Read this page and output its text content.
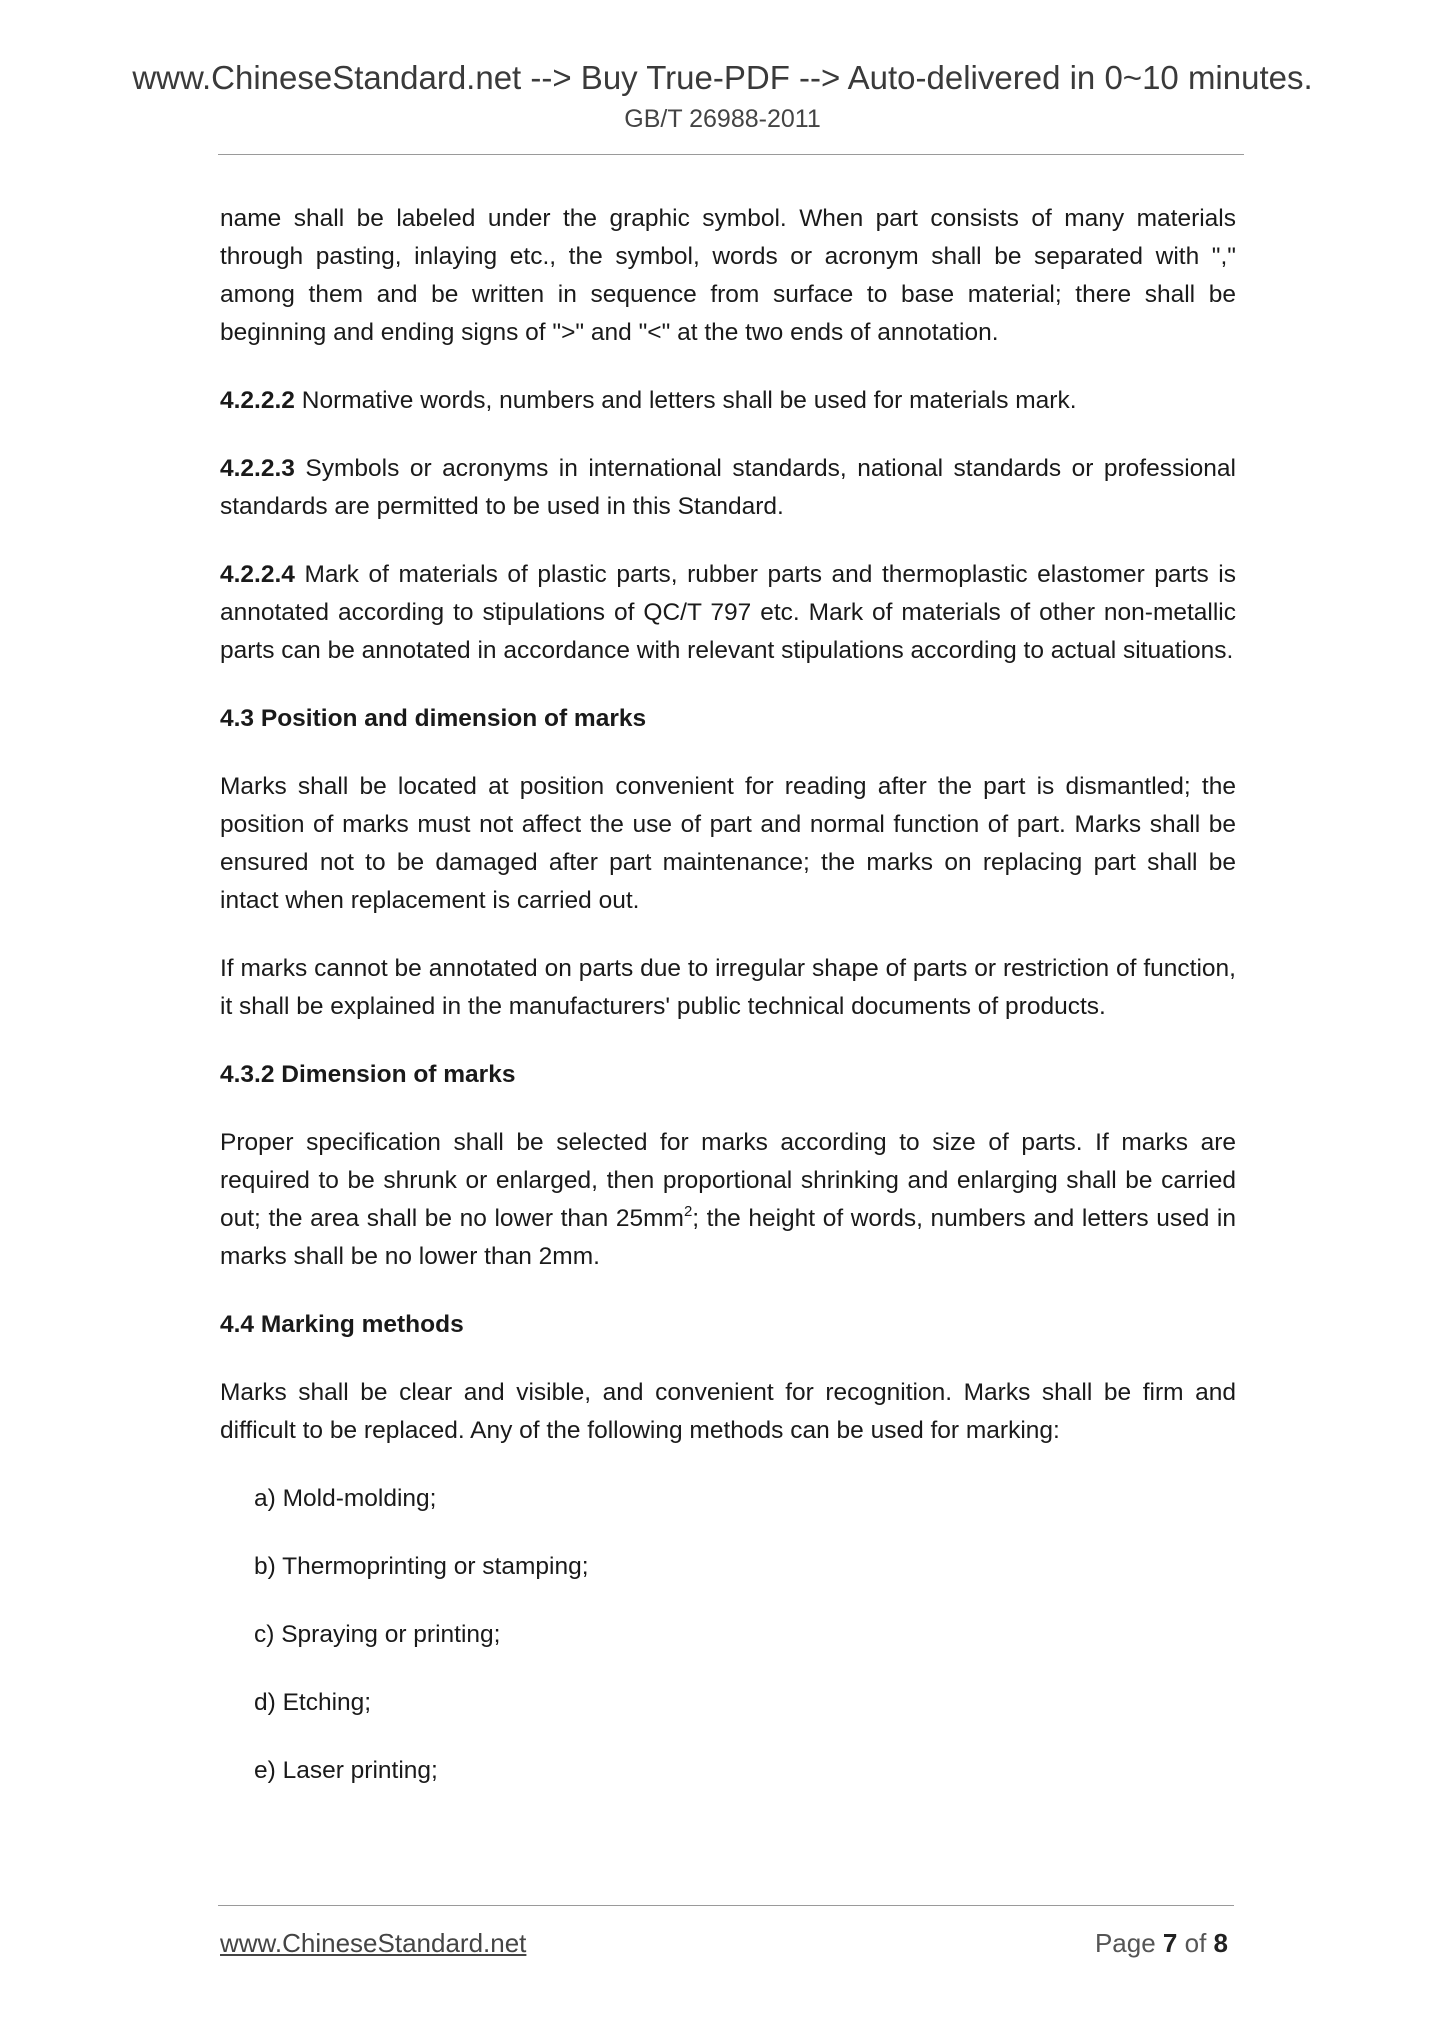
www.ChineseStandard.net --> Buy True-PDF --> Auto-delivered in 0~10 minutes.
GB/T 26988-2011

name shall be labeled under the graphic symbol. When part consists of many materials through pasting, inlaying etc., the symbol, words or acronym shall be separated with "," among them and be written in sequence from surface to base material; there shall be beginning and ending signs of ">" and "<" at the two ends of annotation.

4.2.2.2 Normative words, numbers and letters shall be used for materials mark.

4.2.2.3 Symbols or acronyms in international standards, national standards or professional standards are permitted to be used in this Standard.

4.2.2.4 Mark of materials of plastic parts, rubber parts and thermoplastic elastomer parts is annotated according to stipulations of QC/T 797 etc. Mark of materials of other non-metallic parts can be annotated in accordance with relevant stipulations according to actual situations.

4.3 Position and dimension of marks

Marks shall be located at position convenient for reading after the part is dismantled; the position of marks must not affect the use of part and normal function of part. Marks shall be ensured not to be damaged after part maintenance; the marks on replacing part shall be intact when replacement is carried out.

If marks cannot be annotated on parts due to irregular shape of parts or restriction of function, it shall be explained in the manufacturers' public technical documents of products.

4.3.2 Dimension of marks

Proper specification shall be selected for marks according to size of parts. If marks are required to be shrunk or enlarged, then proportional shrinking and enlarging shall be carried out; the area shall be no lower than $25mm^2$; the height of words, numbers and letters used in marks shall be no lower than 2mm.

4.4 Marking methods

Marks shall be clear and visible, and convenient for recognition. Marks shall be firm and difficult to be replaced. Any of the following methods can be used for marking:

a) Mold-molding;

b) Thermoprinting or stamping;

c) Spraying or printing;

d) Etching;

e) Laser printing;

www.ChineseStandard.net	Page 7 of 8
